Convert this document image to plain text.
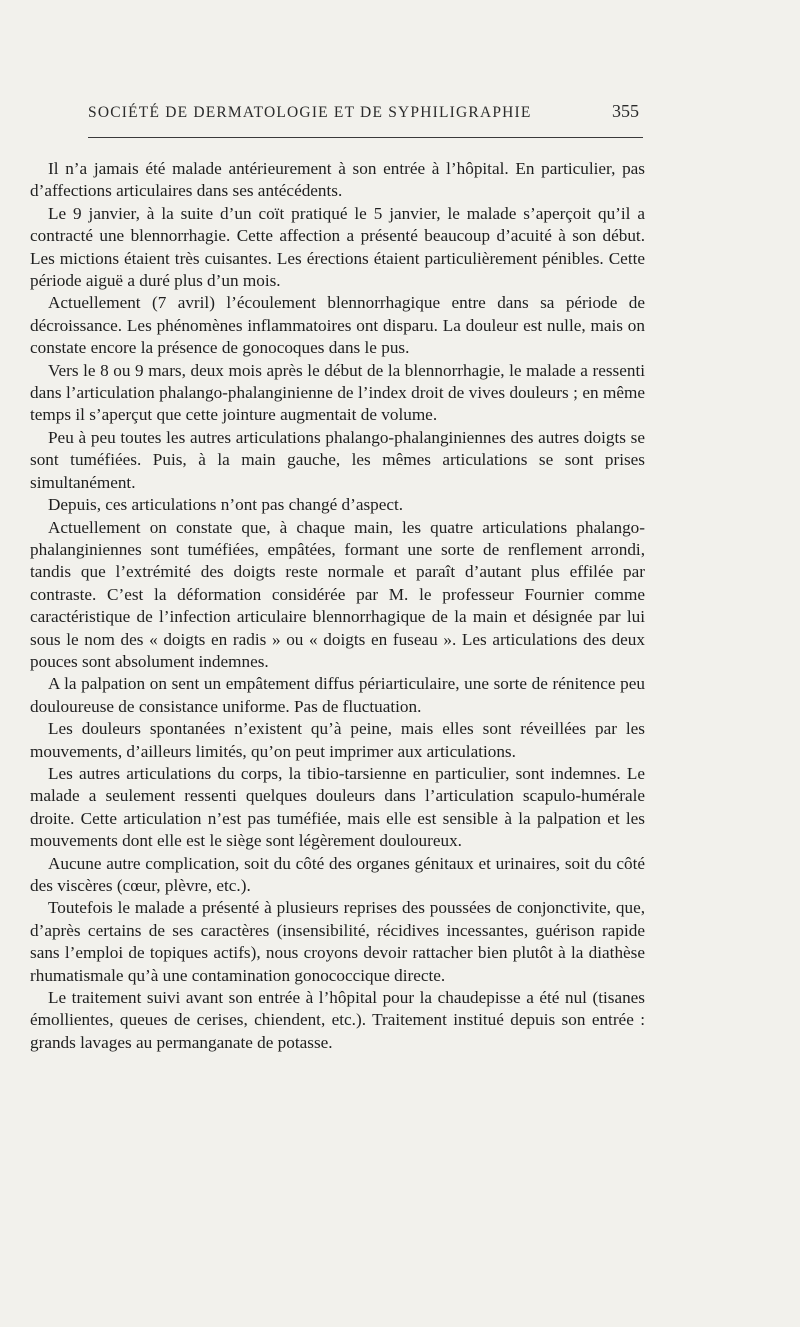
SOCIÉTÉ DE DERMATOLOGIE ET DE SYPHILIGRAPHIE	355

Il n’a jamais été malade antérieurement à son entrée à l’hôpital. En particulier, pas d’affections articulaires dans ses antécédents.

Le 9 janvier, à la suite d’un coït pratiqué le 5 janvier, le malade s’aperçoit qu’il a contracté une blennorrhagie. Cette affection a présenté beaucoup d’acuité à son début. Les mictions étaient très cuisantes. Les érections étaient particulièrement pénibles. Cette période aiguë a duré plus d’un mois.

Actuellement (7 avril) l’écoulement blennorrhagique entre dans sa période de décroissance. Les phénomènes inflammatoires ont disparu. La douleur est nulle, mais on constate encore la présence de gonocoques dans le pus.

Vers le 8 ou 9 mars, deux mois après le début de la blennorrhagie, le malade a ressenti dans l’articulation phalango-phalanginienne de l’index droit de vives douleurs ; en même temps il s’aperçut que cette jointure augmentait de volume.

Peu à peu toutes les autres articulations phalango-phalanginiennes des autres doigts se sont tuméfiées. Puis, à la main gauche, les mêmes articulations se sont prises simultanément.

Depuis, ces articulations n’ont pas changé d’aspect.

Actuellement on constate que, à chaque main, les quatre articulations phalango-phalanginiennes sont tuméfiées, empâtées, formant une sorte de renflement arrondi, tandis que l’extrémité des doigts reste normale et paraît d’autant plus effilée par contraste. C’est la déformation considérée par M. le professeur Fournier comme caractéristique de l’infection articulaire blennorrhagique de la main et désignée par lui sous le nom des « doigts en radis » ou « doigts en fuseau ». Les articulations des deux pouces sont absolument indemnes.

A la palpation on sent un empâtement diffus périarticulaire, une sorte de rénitence peu douloureuse de consistance uniforme. Pas de fluctuation.

Les douleurs spontanées n’existent qu’à peine, mais elles sont réveillées par les mouvements, d’ailleurs limités, qu’on peut imprimer aux articulations.

Les autres articulations du corps, la tibio-tarsienne en particulier, sont indemnes. Le malade a seulement ressenti quelques douleurs dans l’articulation scapulo-humérale droite. Cette articulation n’est pas tuméfiée, mais elle est sensible à la palpation et les mouvements dont elle est le siège sont légèrement douloureux.

Aucune autre complication, soit du côté des organes génitaux et urinaires, soit du côté des viscères (cœur, plèvre, etc.).

Toutefois le malade a présenté à plusieurs reprises des poussées de conjonctivite, que, d’après certains de ses caractères (insensibilité, récidives incessantes, guérison rapide sans l’emploi de topiques actifs), nous croyons devoir rattacher bien plutôt à la diathèse rhumatismale qu’à une contamination gonococcique directe.

Le traitement suivi avant son entrée à l’hôpital pour la chaudepisse a été nul (tisanes émollientes, queues de cerises, chiendent, etc.). Traitement institué depuis son entrée : grands lavages au permanganate de potasse.
